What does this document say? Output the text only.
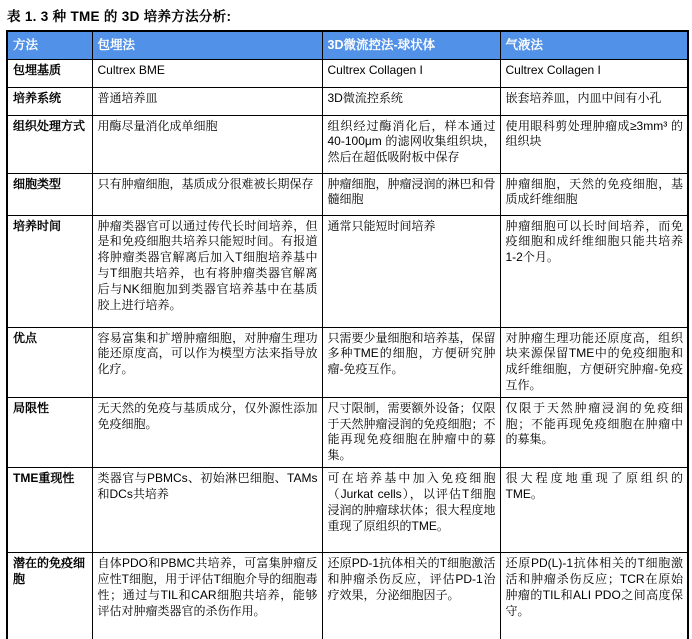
表 1. 3 种 TME 的 3D 培养方法分析:
方法	包埋法	3D微流控法-球状体	气液法
包埋基质	Cultrex BME	Cultrex Collagen I	Cultrex Collagen I
培养系统	普通培养皿	3D微流控系统	嵌套培养皿，内皿中间有小孔
组织处理方式	用酶尽量消化成单细胞	组织经过酶消化后，样本通过40-100μm 的滤网收集组织块，然后在超低吸附板中保存	使用眼科剪处理肿瘤成≥3mm³ 的组织块
细胞类型	只有肿瘤细胞，基质成分很难被长期保存	肿瘤细胞，肿瘤浸润的淋巴和骨髓细胞	肿瘤细胞，天然的免疫细胞，基质成纤维细胞
培养时间	肿瘤类器官可以通过传代长时间培养，但是和免疫细胞共培养只能短时间。有报道将肿瘤类器官解离后加入T细胞培养基中与T细胞共培养，也有将肿瘤类器官解离后与NK细胞加到类器官培养基中在基质胶上进行培养。	通常只能短时间培养	肿瘤细胞可以长时间培养，而免疫细胞和成纤维细胞只能共培养1-2个月。
优点	容易富集和扩增肿瘤细胞，对肿瘤生理功能还原度高，可以作为模型方法来指导放化疗。	只需要少量细胞和培养基，保留多种TME的细胞，方便研究肿瘤-免疫互作。	对肿瘤生理功能还原度高，组织块来源保留TME中的免疫细胞和成纤维细胞，方便研究肿瘤-免疫互作。
局限性	无天然的免疫与基质成分，仅外源性添加免疫细胞。	尺寸限制，需要额外设备；仅限于天然肿瘤浸润的免疫细胞；不能再现免疫细胞在肿瘤中的募集。	仅限于天然肿瘤浸润的免疫细胞；不能再现免疫细胞在肿瘤中的募集。
TME重现性	类器官与PBMCs、初始淋巴细胞、TAMs和DCs共培养	可在培养基中加入免疫细胞（Jurkat cells），以评估T细胞浸润的肿瘤球状体；很大程度地重现了原组织的TME。	很大程度地重现了原组织的TME。
潜在的免疫细胞	自体PDO和PBMC共培养，可富集肿瘤反应性T细胞，用于评估T细胞介导的细胞毒性；通过与TIL和CAR细胞共培养，能够评估对肿瘤类器官的杀伤作用。	还原PD-1抗体相关的T细胞激活和肿瘤杀伤反应，评估PD-1治疗效果，分泌细胞因子。	还原PD(L)-1抗体相关的T细胞激活和肿瘤杀伤反应；TCR在原始肿瘤的TIL和ALI PDO之间高度保守。
